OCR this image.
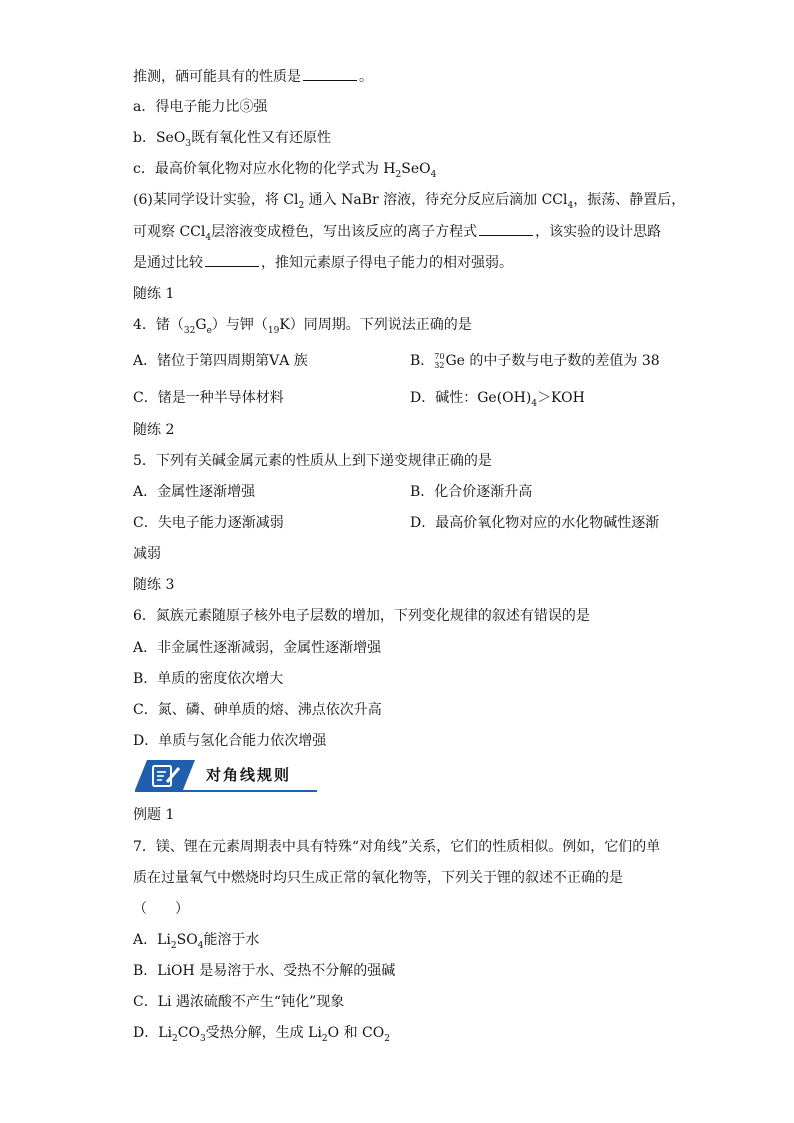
推测，硒可能具有的性质是	。
a．得电子能力比⑤强
b．SeO$_3$既有氧化性又有还原性
c．最高价氧化物对应水化物的化学式为 $H_2SeO_4$
(6)某同学设计实验，将 $Cl_2$ 通入 NaBr 溶液，待充分反应后滴加 CCl$_4$，振荡、静置后，
可观察 CCl$_4$层溶液变成橙色，写出该反应的离子方程式	，该实验的设计思路
是通过比较	，推知元素原子得电子能力的相对强弱。
随练 1
4．锗$(_{32}G_e)$与钾$(_{19}K)$同周期。下列说法正确的是
A．锗位于第四周期第ⅤA 族	B． 70
32 Ge 的中子数与电子数的差值为 38
C．锗是一种半导体材料	D．碱性：$Ge(OH)_4>KOH$
随练 2
5．下列有关碱金属元素的性质从上到下递变规律正确的是
A．金属性逐渐增强	B．化合价逐渐升高
C．失电子能力逐渐减弱	D．最高价氧化物对应的水化物碱性逐渐
减弱
随练 3
6．氮族元素随原子核外电子层数的增加，下列变化规律的叙述有错误的是
A．非金属性逐渐减弱，金属性逐渐增强
B．单质的密度依次增大
C．氮、磷、砷单质的熔、沸点依次升高
D．单质与氢化合能力依次增强
对角线规则
例题 1
7．镁、锂在元素周期表中具有特殊“对角线”关系，它们的性质相似。例如，它们的单
质在过量氧气中燃烧时均只生成正常的氧化物等，下列关于锂的叙述不正确的是
（　　）
A．$Li_2SO_4$能溶于水
B．LiOH 是易溶于水、受热不分解的强碱
C．Li 遇浓硫酸不产生“钝化”现象
D．$Li_2CO_3$受热分解，生成 $Li_2O$ 和 $CO_2$
